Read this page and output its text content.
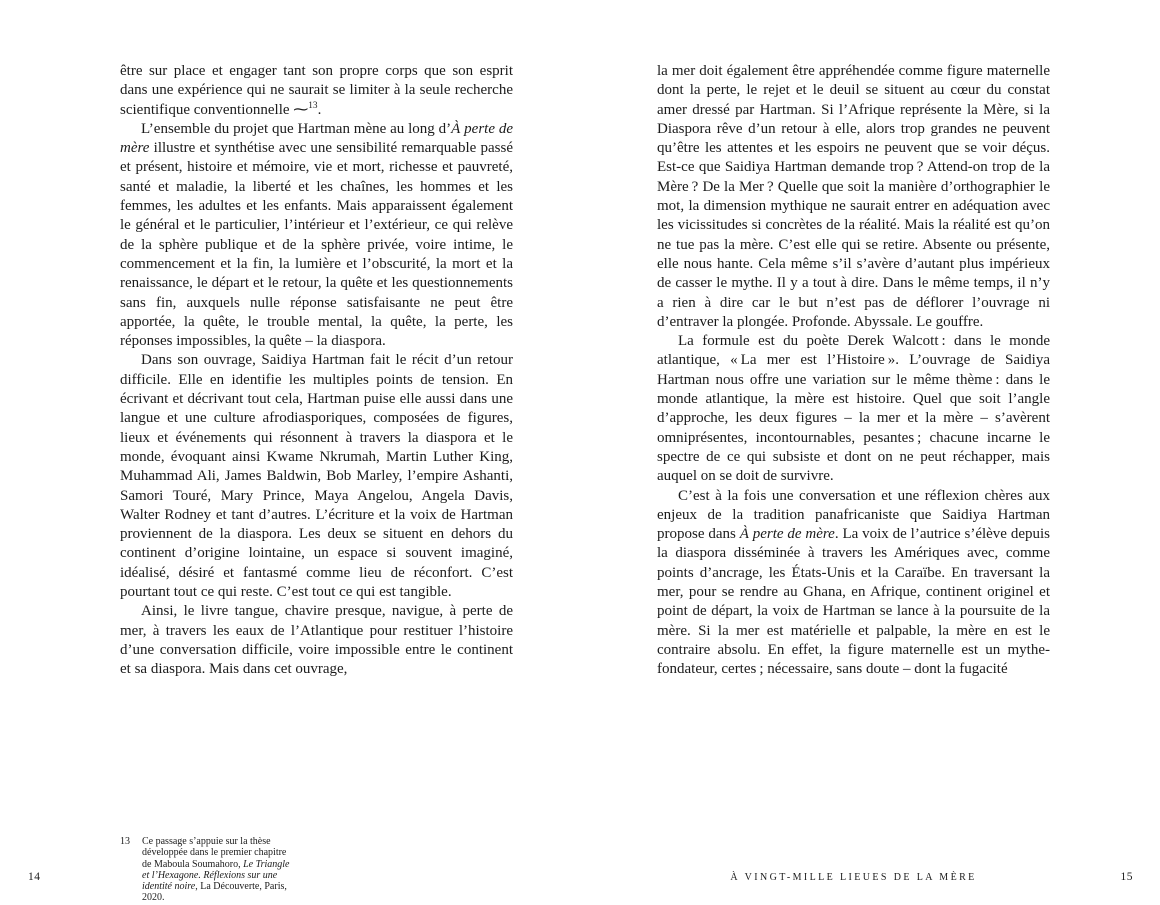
être sur place et engager tant son propre corps que son esprit dans une expérience qui ne saurait se limiter à la seule recherche scientifique conventionnelle ⁓$^{13}$.

L’ensemble du projet que Hartman mène au long d’À perte de mère illustre et synthétise avec une sensibilité remarquable passé et présent, histoire et mémoire, vie et mort, richesse et pauvreté, santé et maladie, la liberté et les chaînes, les hommes et les femmes, les adultes et les enfants. Mais apparaissent également le général et le particulier, l’intérieur et l’extérieur, ce qui relève de la sphère publique et de la sphère privée, voire intime, le commencement et la fin, la lumière et l’obscurité, la mort et la renaissance, le départ et le retour, la quête et les questionnements sans fin, auxquels nulle réponse satisfaisante ne peut être apportée, la quête, le trouble mental, la quête, la perte, les réponses impossibles, la quête – la diaspora.

Dans son ouvrage, Saidiya Hartman fait le récit d’un retour difficile. Elle en identifie les multiples points de tension. En écrivant et décrivant tout cela, Hartman puise elle aussi dans une langue et une culture afrodiasporiques, composées de figures, lieux et événements qui résonnent à travers la diaspora et le monde, évoquant ainsi Kwame Nkrumah, Martin Luther King, Muhammad Ali, James Baldwin, Bob Marley, l’empire Ashanti, Samori Touré, Mary Prince, Maya Angelou, Angela Davis, Walter Rodney et tant d’autres. L’écriture et la voix de Hartman proviennent de la diaspora. Les deux se situent en dehors du continent d’origine lointaine, un espace si souvent imaginé, idéalisé, désiré et fantasmé comme lieu de réconfort. C’est pourtant tout ce qui reste. C’est tout ce qui est tangible.

Ainsi, le livre tangue, chavire presque, navigue, à perte de mer, à travers les eaux de l’Atlantique pour restituer l’histoire d’une conversation difficile, voire impossible entre le continent et sa diaspora. Mais dans cet ouvrage,

13	Ce passage s’appuie sur la thèse développée dans le premier chapitre de Maboula Soumahoro, Le Triangle et l’Hexagone. Réflexions sur une identité noire, La Découverte, Paris, 2020.
14

la mer doit également être appréhendée comme figure maternelle dont la perte, le rejet et le deuil se situent au cœur du constat amer dressé par Hartman. Si l’Afrique représente la Mère, si la Diaspora rêve d’un retour à elle, alors trop grandes ne peuvent qu’être les attentes et les espoirs ne peuvent que se voir déçus. Est-ce que Saidiya Hartman demande trop ? Attend-on trop de la Mère ? De la Mer ? Quelle que soit la manière d’orthographier le mot, la dimension mythique ne saurait entrer en adéquation avec les vicissitudes si concrètes de la réalité. Mais la réalité est qu’on ne tue pas la mère. C’est elle qui se retire. Absente ou présente, elle nous hante. Cela même s’il s’avère d’autant plus impérieux de casser le mythe. Il y a tout à dire. Dans le même temps, il n’y a rien à dire car le but n’est pas de déflorer l’ouvrage ni d’entraver la plongée. Profonde. Abyssale. Le gouffre.

La formule est du poète Derek Walcott : dans le monde atlantique, « La mer est l’Histoire ». L’ouvrage de Saidiya Hartman nous offre une variation sur le même thème : dans le monde atlantique, la mère est histoire. Quel que soit l’angle d’approche, les deux figures – la mer et la mère – s’avèrent omniprésentes, incontournables, pesantes ; chacune incarne le spectre de ce qui subsiste et dont on ne peut réchapper, mais auquel on se doit de survivre.

C’est à la fois une conversation et une réflexion chères aux enjeux de la tradition panafricaniste que Saidiya Hartman propose dans À perte de mère. La voix de l’autrice s’élève depuis la diaspora disséminée à travers les Amériques avec, comme points d’ancrage, les États-Unis et la Caraïbe. En traversant la mer, pour se rendre au Ghana, en Afrique, continent originel et point de départ, la voix de Hartman se lance à la poursuite de la mère. Si la mer est matérielle et palpable, la mère en est le contraire absolu. En effet, la figure maternelle est un mythe-fondateur, certes ; nécessaire, sans doute – dont la fugacité

À VINGT-MILLE LIEUES DE LA MÈRE	15
